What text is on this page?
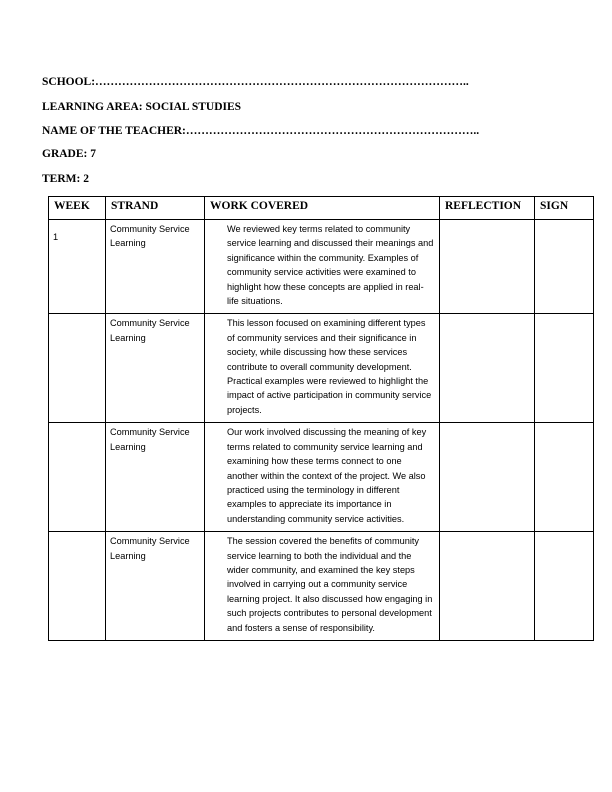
SCHOOL:……………………………………………………………………………………..
LEARNING AREA: SOCIAL STUDIES
NAME OF THE TEACHER:…………………………………………………………………..
GRADE: 7
TERM: 2
WEEK	STRAND	WORK COVERED	REFLECTION	SIGN
1	Community Service Learning	We reviewed key terms related to community service learning and discussed their meanings and significance within the community. Examples of community service activities were examined to highlight how these concepts are applied in real-life situations.		
	Community Service Learning	This lesson focused on examining different types of community services and their significance in society, while discussing how these services contribute to overall community development. Practical examples were reviewed to highlight the impact of active participation in community service projects.		
	Community Service Learning	Our work involved discussing the meaning of key terms related to community service learning and examining how these terms connect to one another within the context of the project. We also practiced using the terminology in different examples to appreciate its importance in understanding community service activities.		
	Community Service Learning	The session covered the benefits of community service learning to both the individual and the wider community, and examined the key steps involved in carrying out a community service learning project. It also discussed how engaging in such projects contributes to personal development and fosters a sense of responsibility.		
